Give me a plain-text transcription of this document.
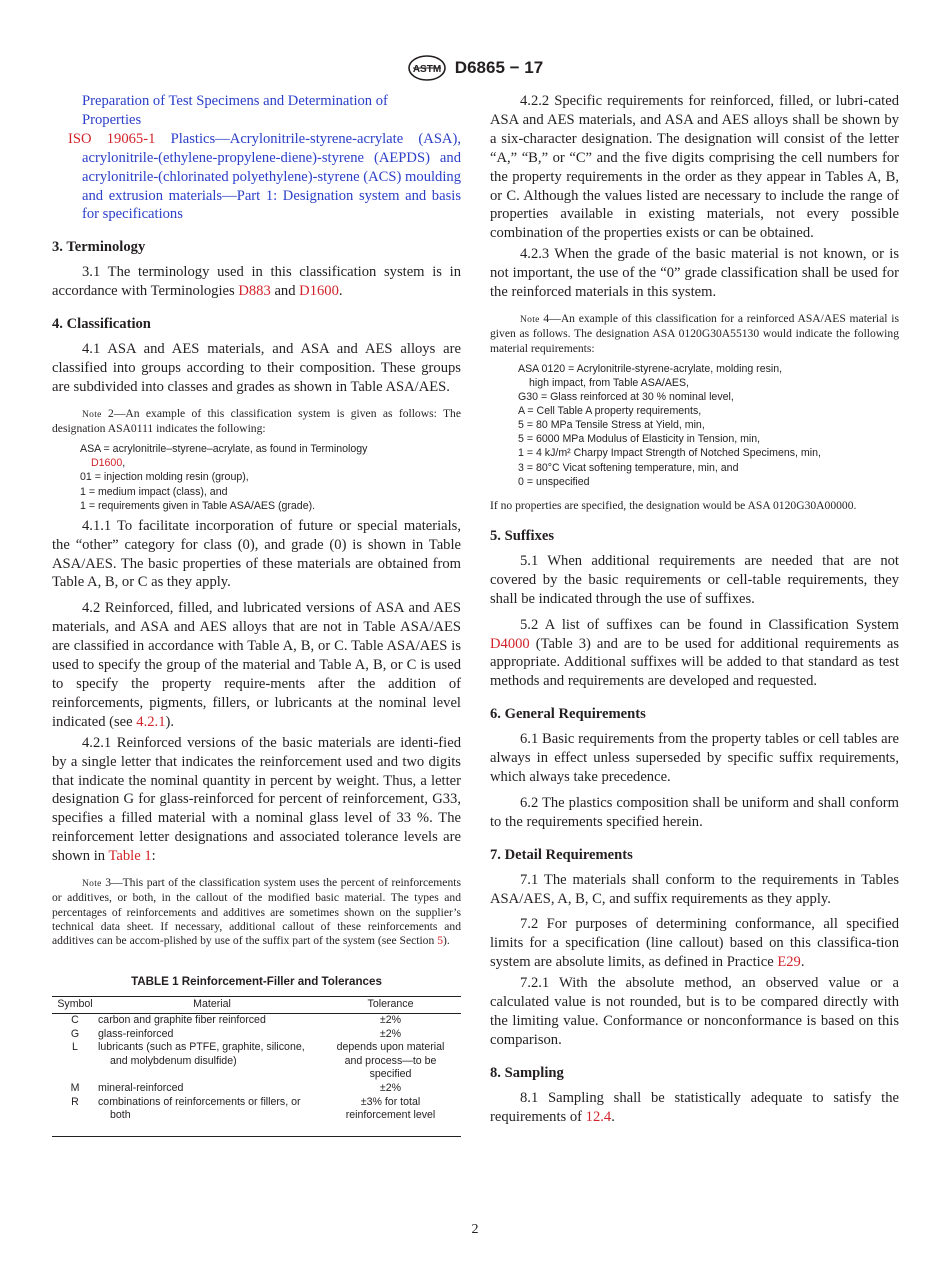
ASTM D6865 − 17

Preparation of Test Specimens and Determination of
Properties

ISO 19065-1 Plastics—Acrylonitrile-styrene-acrylate (ASA), acrylonitrile-(ethylene-propylene-diene)-styrene (AEPDS) and acrylonitrile-(chlorinated polyethylene)-styrene (ACS) moulding and extrusion materials—Part 1: Designation system and basis for specifications

3. Terminology

3.1 The terminology used in this classification system is in accordance with Terminologies D883 and D1600.

4. Classification

4.1 ASA and AES materials, and ASA and AES alloys are classified into groups according to their composition. These groups are subdivided into classes and grades as shown in Table ASA/AES.

Note 2—An example of this classification system is given as follows: The designation ASA0111 indicates the following:

ASA = acrylonitrile–styrene–acrylate, as found in Terminology
D1600,
01 = injection molding resin (group),
1 = medium impact (class), and
1 = requirements given in Table ASA/AES (grade).

4.1.1 To facilitate incorporation of future or special materials, the “other” category for class (0), and grade (0) is shown in Table ASA/AES. The basic properties of these materials are obtained from Table A, B, or C as they apply.

4.2 Reinforced, filled, and lubricated versions of ASA and AES materials, and ASA and AES alloys that are not in Table ASA/AES are classified in accordance with Table A, B, or C. Table ASA/AES is used to specify the group of the material and Table A, B, or C is used to specify the property require-ments after the addition of reinforcements, pigments, fillers, or lubricants at the nominal level indicated (see 4.2.1).

4.2.1 Reinforced versions of the basic materials are identi-fied by a single letter that indicates the reinforcement used and two digits that indicate the nominal quantity in percent by weight. Thus, a letter designation G for glass-reinforced for percent of reinforcement, G33, specifies a filled material with a nominal glass level of 33 %. The reinforcement letter designations and associated tolerance levels are shown in Table 1:

Note 3—This part of the classification system uses the percent of reinforcements or additives, or both, in the callout of the modified basic material. The types and percentages of reinforcements and additives are sometimes shown on the supplier’s technical data sheet. If necessary, additional callout of these reinforcements and additives can be accom-plished by use of the suffix part of the system (see Section 5).

TABLE 1 Reinforcement-Filler and Tolerances
Symbol	Material	Tolerance
C	carbon and graphite fiber reinforced	±2%
G	glass-reinforced	±2%
L	lubricants (such as PTFE, graphite, silicone, and molybdenum disulfide)	depends upon material and process—to be specified
M	mineral-reinforced	±2%
R	combinations of reinforcements or fillers, or both	±3% for total reinforcement level

4.2.2 Specific requirements for reinforced, filled, or lubri-cated ASA and AES materials, and ASA and AES alloys shall be shown by a six-character designation. The designation will consist of the letter “A,” “B,” or “C” and the five digits comprising the cell numbers for the property requirements in the order as they appear in Tables A, B, or C. Although the values listed are necessary to include the range of properties available in existing materials, not every possible combination of the properties exists or can be obtained.

4.2.3 When the grade of the basic material is not known, or is not important, the use of the “0” grade classification shall be used for the reinforced materials in this system.

Note 4—An example of this classification for a reinforced ASA/AES material is given as follows. The designation ASA 0120G30A55130 would indicate the following material requirements:

ASA 0120 = Acrylonitrile-styrene-acrylate, molding resin,
high impact, from Table ASA/AES,
G30 = Glass reinforced at 30 % nominal level,
A = Cell Table A property requirements,
5 = 80 MPa Tensile Stress at Yield, min,
5 = 6000 MPa Modulus of Elasticity in Tension, min,
1 = 4 kJ/m² Charpy Impact Strength of Notched Specimens, min,
3 = 80°C Vicat softening temperature, min, and
0 = unspecified

If no properties are specified, the designation would be ASA 0120G30A00000.

5. Suffixes

5.1 When additional requirements are needed that are not covered by the basic requirements or cell-table requirements, they shall be indicated through the use of suffixes.

5.2 A list of suffixes can be found in Classification System D4000 (Table 3) and are to be used for additional requirements as appropriate. Additional suffixes will be added to that standard as test methods and requirements are developed and requested.

6. General Requirements

6.1 Basic requirements from the property tables or cell tables are always in effect unless superseded by specific suffix requirements, which always take precedence.

6.2 The plastics composition shall be uniform and shall conform to the requirements specified herein.

7. Detail Requirements

7.1 The materials shall conform to the requirements in Tables ASA/AES, A, B, C, and suffix requirements as they apply.

7.2 For purposes of determining conformance, all specified limits for a specification (line callout) based on this classifica-tion system are absolute limits, as defined in Practice E29.

7.2.1 With the absolute method, an observed value or a calculated value is not rounded, but is to be compared directly with the limiting value. Conformance or nonconformance is based on this comparison.

8. Sampling

8.1 Sampling shall be statistically adequate to satisfy the requirements of 12.4.

2
